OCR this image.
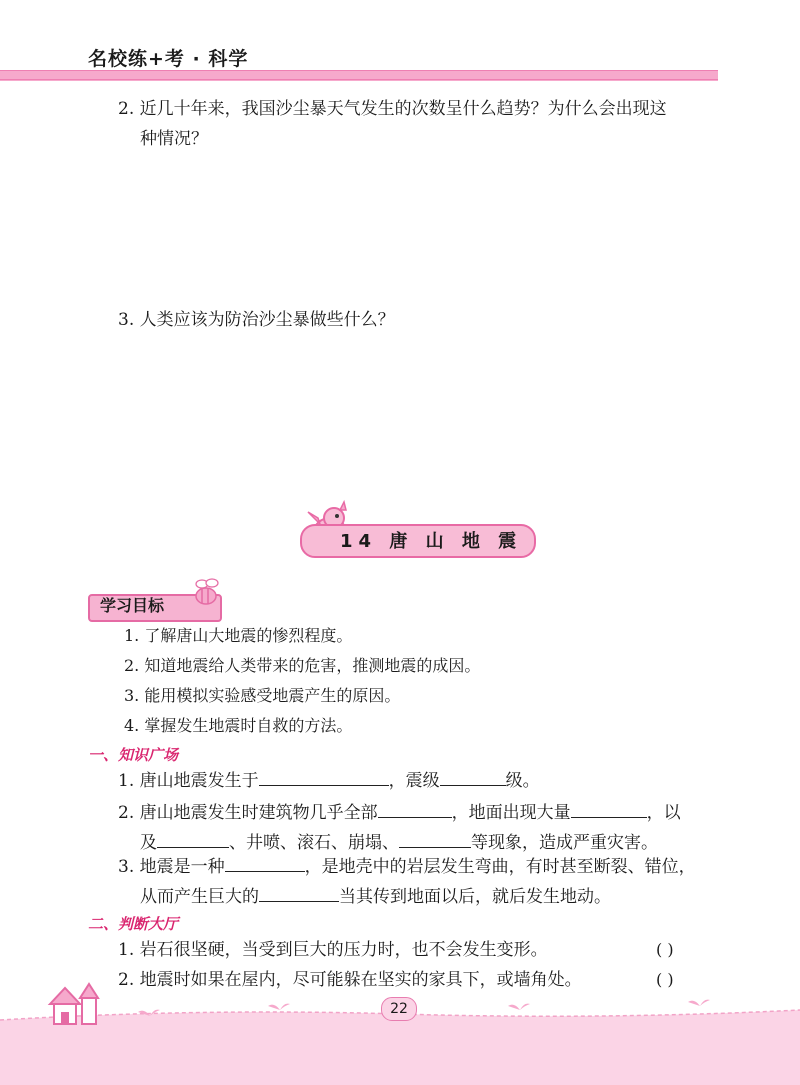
名校练+考 · 科学
2. 近几十年来，我国沙尘暴天气发生的次数呈什么趋势？为什么会出现这
种情况？
3. 人类应该为防治沙尘暴做些什么？
14 唐 山 地 震
学习目标
1. 了解唐山大地震的惨烈程度。
2. 知道地震给人类带来的危害，推测地震的成因。
3. 能用模拟实验感受地震产生的原因。
4. 掌握发生地震时自救的方法。
一、知识广场
1. 唐山地震发生于	，震级	级。
2. 唐山地震发生时建筑物几乎全部	，地面出现大量	，以
及	、井喷、滚石、崩塌、	等现象，造成严重灾害。
3. 地震是一种	，是地壳中的岩层发生弯曲，有时甚至断裂、错位，
从而产生巨大的	当其传到地面以后，就后发生地动。
二、判断大厅
1. 岩石很坚硬，当受到巨大的压力时，也不会发生变形。	( )
2. 地震时如果在屋内，尽可能躲在坚实的家具下，或墙角处。	( )
22
